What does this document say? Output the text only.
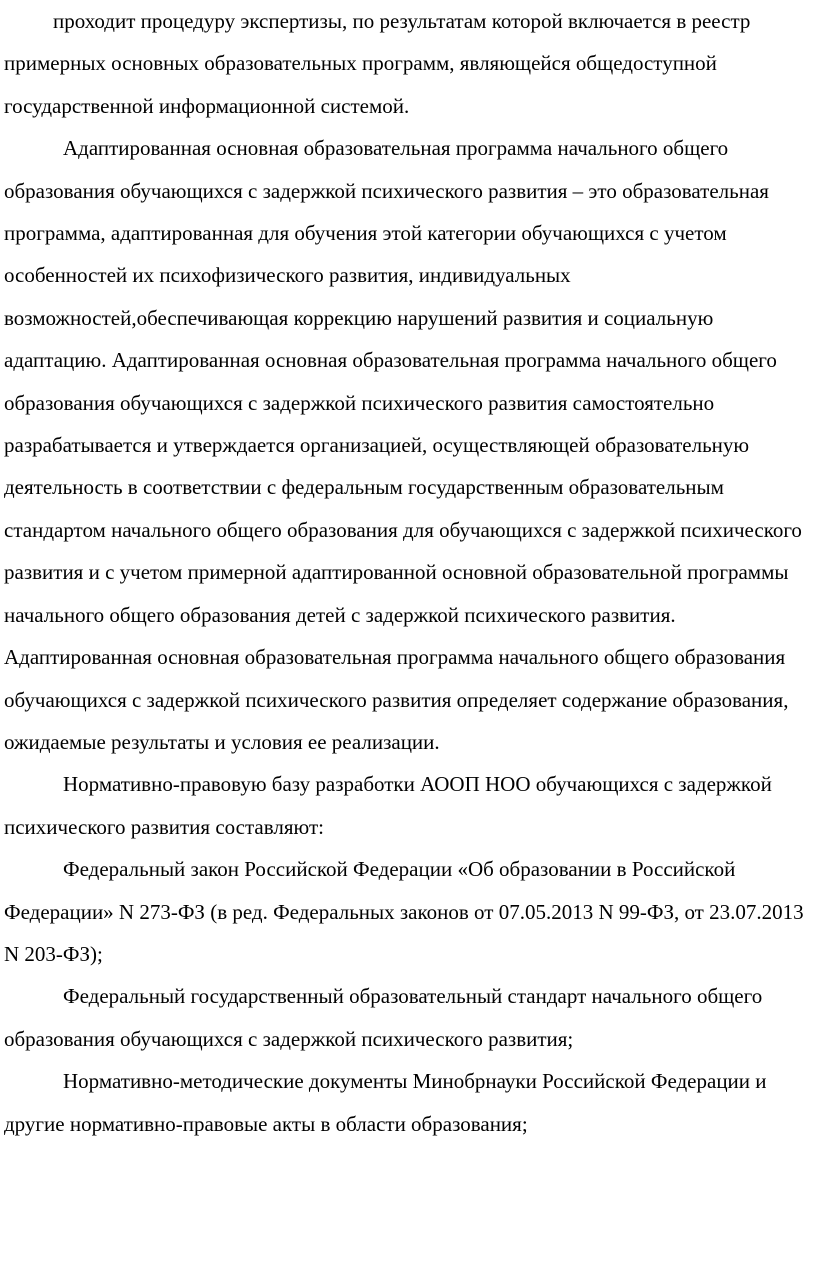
проходит процедуру экспертизы, по результатам которой включается в реестр примерных основных образовательных программ, являющейся общедоступной государственной информационной системой.

Адаптированная основная образовательная программа начального общего образования обучающихся с задержкой психического развития – это образовательная программа, адаптированная для обучения этой категории обучающихся с учетом особенностей их психофизического развития, индивидуальных возможностей,обеспечивающая коррекцию нарушений развития и социальную адаптацию. Адаптированная основная образовательная программа начального общего образования обучающихся с задержкой психического развития самостоятельно разрабатывается и утверждается организацией, осуществляющей образовательную деятельность в соответствии с федеральным государственным образовательным стандартом начального общего образования для обучающихся с задержкой психического развития и с учетом примерной адаптированной основной образовательной программы начального общего образования детей с задержкой психического развития. Адаптированная основная образовательная программа начального общего образования обучающихся с задержкой психического развития определяет содержание образования, ожидаемые результаты и условия ее реализации.

Нормативно-правовую базу разработки АООП НОО обучающихся с задержкой психического развития составляют:

Федеральный закон Российской Федерации «Об образовании в Российской Федерации» N 273-ФЗ (в ред. Федеральных законов от 07.05.2013 N 99-ФЗ, от 23.07.2013 N 203-ФЗ);

Федеральный государственный образовательный стандарт начального общего образования обучающихся с задержкой психического развития;

Нормативно-методические документы Минобрнауки Российской Федерации и другие нормативно-правовые акты в области образования;
